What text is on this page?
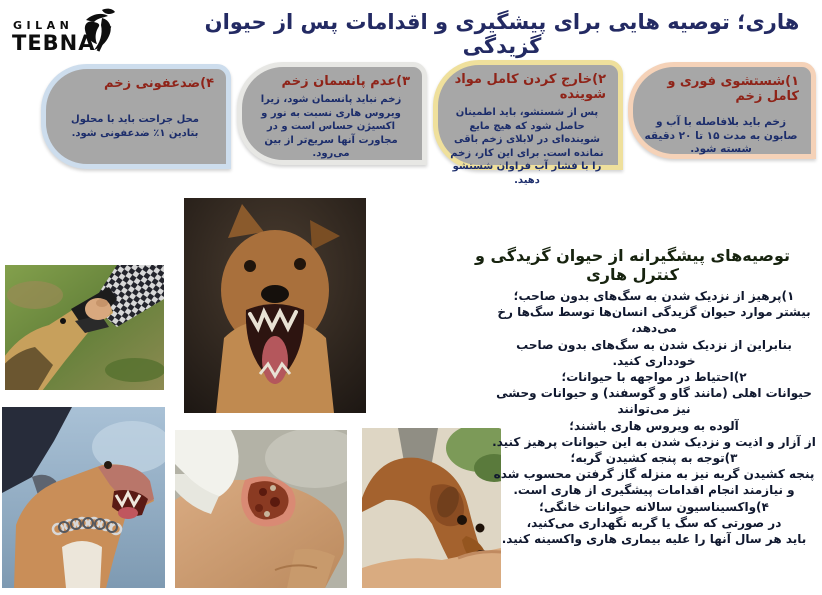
GILAN
TEBNA
هاری؛ توصیه هایی برای پیشگیری و اقدامات پس از حیوان گزیدگی
۱)شستشوی فوری و کامل زخم
زخم باید بلافاصله با آب و صابون به مدت ۱۵ تا ۲۰ دقیقه شسته شود.
۲)خارج کردن کامل مواد شوینده
پس از شستشو، باید اطمینان حاصل شود که هیچ مایع شوینده‌ای در لابلای زخم باقی نمانده است. برای این کار، زخم را با فشار آب فراوان شستشو دهید.
۳)عدم پانسمان زخم
زخم نباید پانسمان شود، زیرا ویروس هاری نسبت به نور و اکسیژن حساس است و در مجاورت آنها سریع‌تر از بین می‌رود.
۴)ضدعفونی زخم
محل جراحت باید با محلول بتادین ۱٪ ضدعفونی شود.
توصیه‌های پیشگیرانه از حیوان گزیدگی و کنترل هاری
۱)پرهیز از نزدیک شدن به سگ‌های بدون صاحب؛
بیشتر موارد حیوان گزیدگی انسان‌ها توسط سگ‌ها رخ می‌دهد،
بنابراین از نزدیک شدن به سگ‌های بدون صاحب خودداری کنید.
۲)احتیاط در مواجهه با حیوانات؛
حیوانات اهلی (مانند گاو و گوسفند) و حیوانات وحشی نیز می‌توانند
آلوده به ویروس هاری باشند؛
از آزار و اذیت و نزدیک شدن به این حیوانات پرهیز کنید.
۳)توجه به پنجه کشیدن گربه؛
پنجه کشیدن گربه نیز به منزله گاز گرفتن محسوب شده
و نیازمند انجام اقدامات پیشگیری از هاری است.
۴)واکسیناسیون سالانه حیوانات خانگی؛
در صورتی که سگ یا گربه نگهداری می‌کنید،
باید هر سال آنها را علیه بیماری هاری واکسینه کنید.
